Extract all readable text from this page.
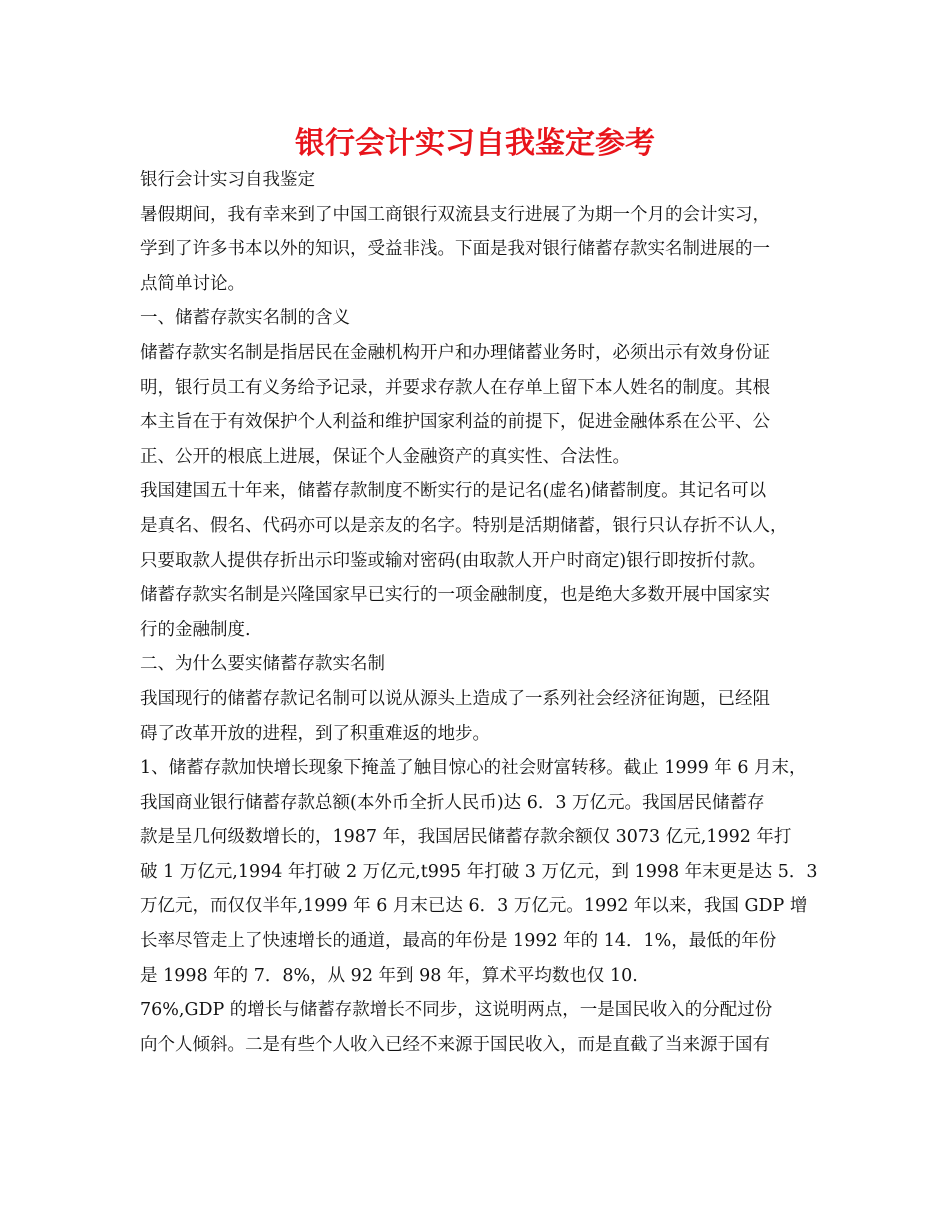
银行会计实习自我鉴定参考
银行会计实习自我鉴定
暑假期间，我有幸来到了中国工商银行双流县支行进展了为期一个月的会计实习，
学到了许多书本以外的知识，受益非浅。下面是我对银行储蓄存款实名制进展的一
点简单讨论。
一、储蓄存款实名制的含义
储蓄存款实名制是指居民在金融机构开户和办理储蓄业务时，必须出示有效身份证
明，银行员工有义务给予记录，并要求存款人在存单上留下本人姓名的制度。其根
本主旨在于有效保护个人利益和维护国家利益的前提下，促进金融体系在公平、公
正、公开的根底上进展，保证个人金融资产的真实性、合法性。
我国建国五十年来，储蓄存款制度不断实行的是记名(虚名)储蓄制度。其记名可以
是真名、假名、代码亦可以是亲友的名字。特别是活期储蓄，银行只认存折不认人，
只要取款人提供存折出示印鉴或输对密码(由取款人开户时商定)银行即按折付款。
储蓄存款实名制是兴隆国家早已实行的一项金融制度，也是绝大多数开展中国家实
行的金融制度.
二、为什么要实储蓄存款实名制
我国现行的储蓄存款记名制可以说从源头上造成了一系列社会经济征询题，已经阻
碍了改革开放的进程，到了积重难返的地步。
1、储蓄存款加快增长现象下掩盖了触目惊心的社会财富转移。截止 1999 年 6 月末，
我国商业银行储蓄存款总额(本外币全折人民币)达 6．3 万亿元。我国居民储蓄存
款是呈几何级数增长的，1987 年，我国居民储蓄存款余额仅 3073 亿元,1992 年打
破 1 万亿元,1994 年打破 2 万亿元,t995 年打破 3 万亿元，到 1998 年末更是达 5．3
万亿元，而仅仅半年,1999 年 6 月末已达 6．3 万亿元。1992 年以来，我国 GDP 增
长率尽管走上了快速增长的通道，最高的年份是 1992 年的 14．1%，最低的年份
是 1998 年的 7．8%，从 92 年到 98 年，算术平均数也仅 10.
76%,GDP 的增长与储蓄存款增长不同步，这说明两点，一是国民收入的分配过份
向个人倾斜。二是有些个人收入已经不来源于国民收入，而是直截了当来源于国有
